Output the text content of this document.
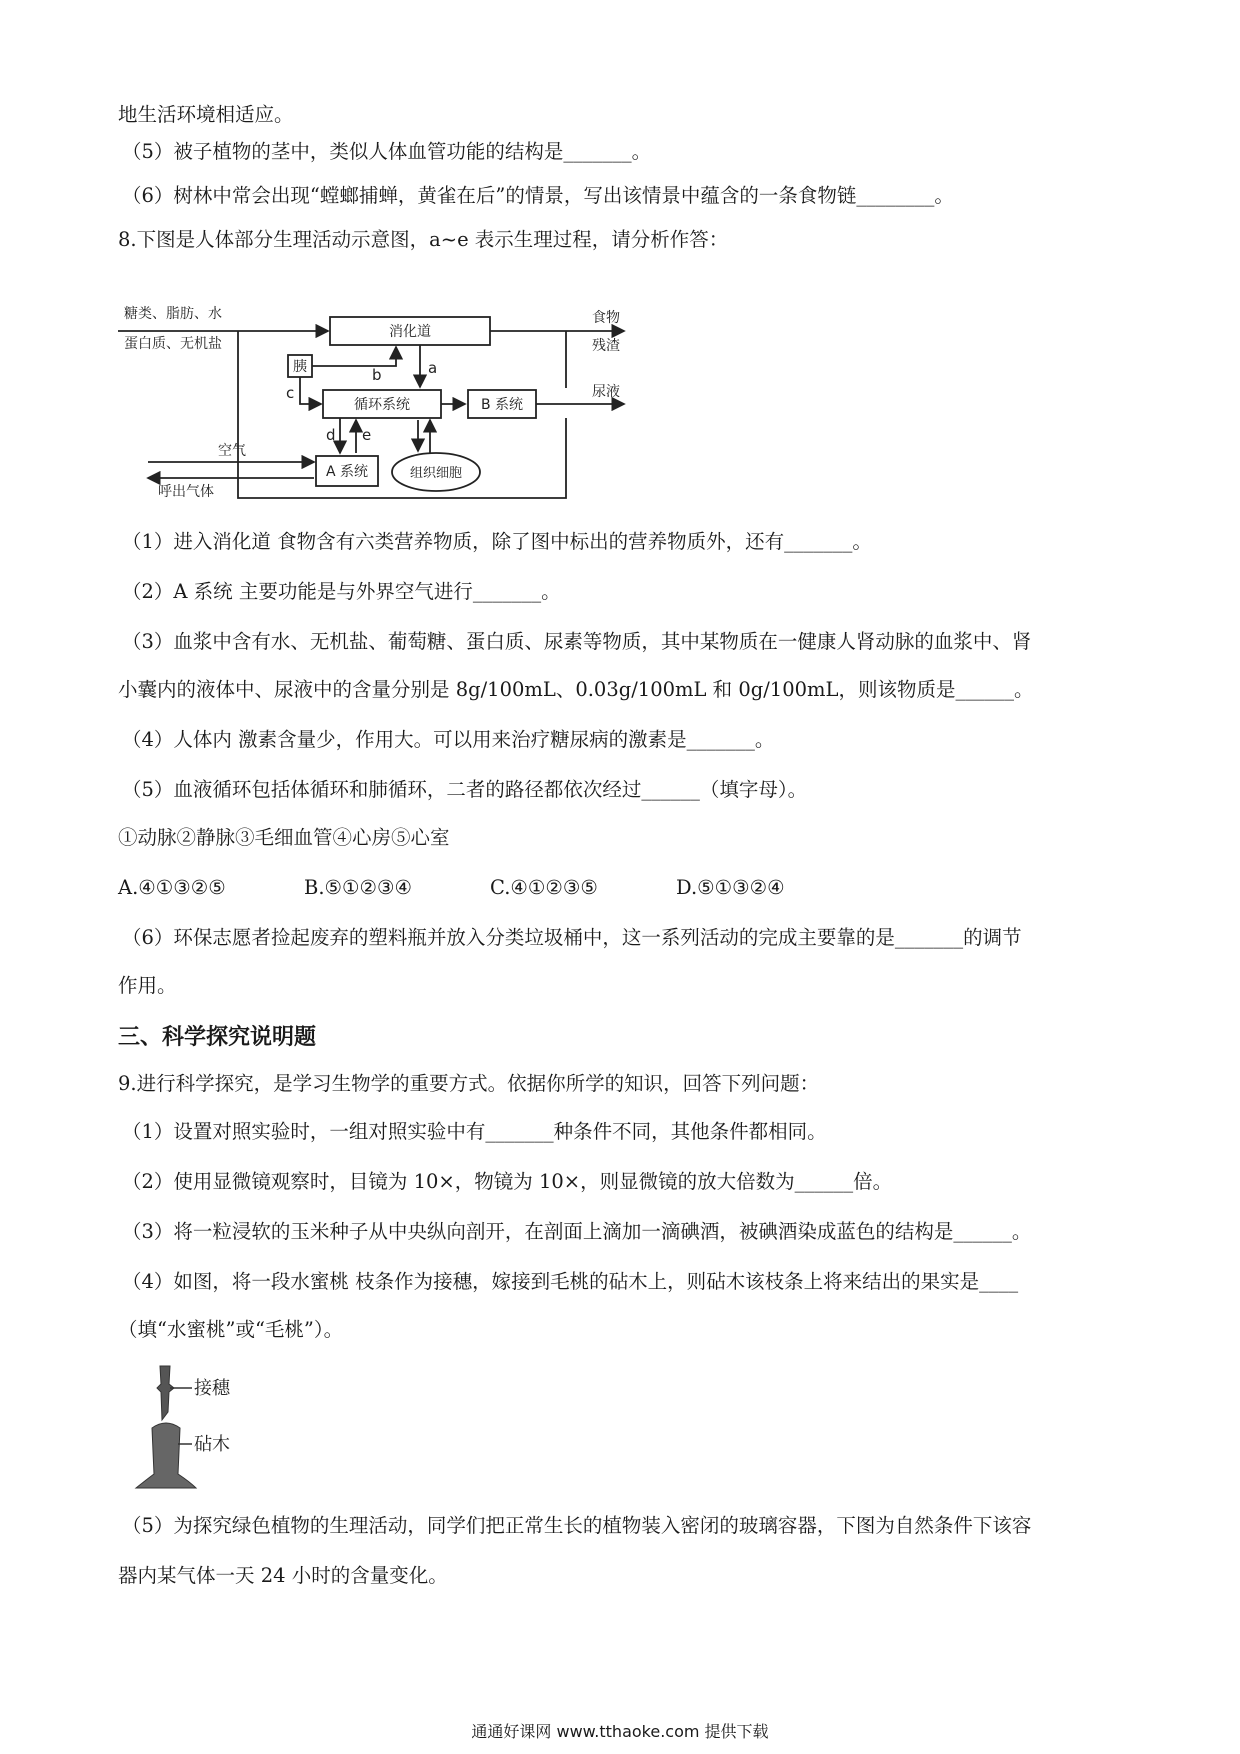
地生活环境相适应。
（5）被子植物的茎中，类似人体血管功能的结构是_______。
（6）树林中常会出现“螳螂捕蝉，黄雀在后”的情景，写出该情景中蕴含的一条食物链________。
8.下图是人体部分生理活动示意图，a~e 表示生理过程，请分析作答：
糖类、脂肪、水
蛋白质、无机盐
消化道
食物
残渣
胰	b	a
c
循环系统	B 系统
尿液
d e
空气
呼出气体
A 系统	组织细胞
（1）进入消化道 食物含有六类营养物质，除了图中标出的营养物质外，还有_______。
（2）A 系统 主要功能是与外界空气进行_______。
（3）血浆中含有水、无机盐、葡萄糖、蛋白质、尿素等物质，其中某物质在一健康人肾动脉的血浆中、肾
小囊内的液体中、尿液中的含量分别是 8g/100mL、0.03g/100mL 和 0g/100mL，则该物质是______。
（4）人体内 激素含量少，作用大。可以用来治疗糖尿病的激素是_______。
（5）血液循环包括体循环和肺循环，二者的路径都依次经过______（填字母）。
①动脉②静脉③毛细血管④心房⑤心室
A.④①③②⑤	B.⑤①②③④	C.④①②③⑤	D.⑤①③②④
（6）环保志愿者捡起废弃的塑料瓶并放入分类垃圾桶中，这一系列活动的完成主要靠的是_______的调节
作用。
三、科学探究说明题
9.进行科学探究，是学习生物学的重要方式。依据你所学的知识，回答下列问题：
（1）设置对照实验时，一组对照实验中有_______种条件不同，其他条件都相同。
（2）使用显微镜观察时，目镜为 10×，物镜为 10×，则显微镜的放大倍数为______倍。
（3）将一粒浸软的玉米种子从中央纵向剖开，在剖面上滴加一滴碘酒，被碘酒染成蓝色的结构是______。
（4）如图，将一段水蜜桃 枝条作为接穗，嫁接到毛桃的砧木上，则砧木该枝条上将来结出的果实是____
（填“水蜜桃”或“毛桃”）。
接穗
砧木
（5）为探究绿色植物的生理活动，同学们把正常生长的植物装入密闭的玻璃容器，下图为自然条件下该容
器内某气体一天 24 小时的含量变化。
通通好课网 www.tthaoke.com 提供下载
